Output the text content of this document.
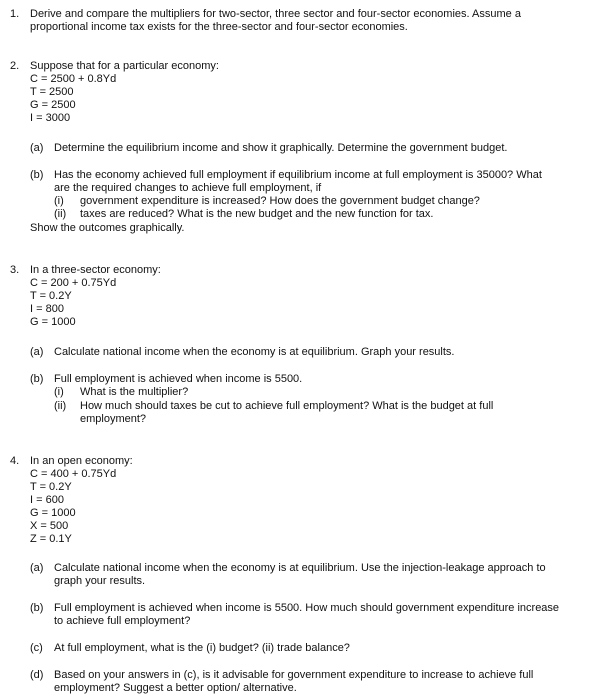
1. Derive and compare the multipliers for two-sector, three sector and four-sector economies. Assume a
proportional income tax exists for the three-sector and four-sector economies.
2. Suppose that for a particular economy:
C = 2500 + 0.8Yd
T = 2500
G = 2500
I = 3000
(a) Determine the equilibrium income and show it graphically. Determine the government budget.
(b) Has the economy achieved full employment if equilibrium income at full employment is 35000? What
are the required changes to achieve full employment, if
(i) government expenditure is increased? How does the government budget change?
(ii) taxes are reduced? What is the new budget and the new function for tax.
Show the outcomes graphically.
3. In a three-sector economy:
C = 200 + 0.75Yd
T = 0.2Y
I = 800
G = 1000
(a) Calculate national income when the economy is at equilibrium. Graph your results.
(b) Full employment is achieved when income is 5500.
(i) What is the multiplier?
(ii) How much should taxes be cut to achieve full employment? What is the budget at full
employment?
4. In an open economy:
C = 400 + 0.75Yd
T = 0.2Y
I = 600
G = 1000
X = 500
Z = 0.1Y
(a) Calculate national income when the economy is at equilibrium. Use the injection-leakage approach to
graph your results.
(b) Full employment is achieved when income is 5500. How much should government expenditure increase
to achieve full employment?
(c) At full employment, what is the (i) budget? (ii) trade balance?
(d) Based on your answers in (c), is it advisable for government expenditure to increase to achieve full
employment? Suggest a better option/ alternative.
